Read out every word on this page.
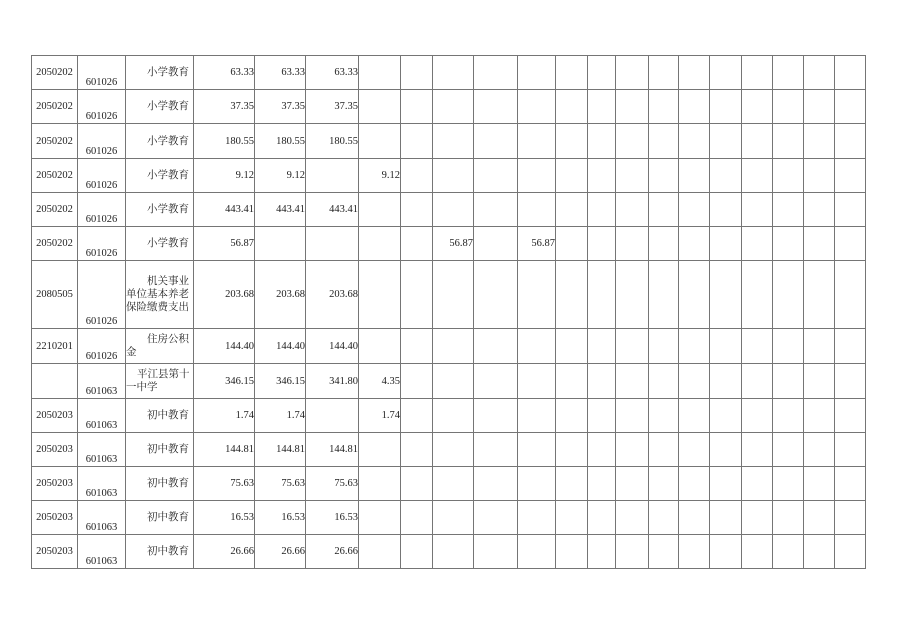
2050202	601026	小学教育	63.33	63.33	63.33															
2050202	601026	小学教育	37.35	37.35	37.35															
2050202	601026	小学教育	180.55	180.55	180.55															
2050202	601026	小学教育	9.12	9.12		9.12														
2050202	601026	小学教育	443.41	443.41	443.41															
2050202	601026	小学教育	56.87					56.87		56.87										
2080505	601026	机关事业单位基本养老保险缴费支出	203.68	203.68	203.68															
2210201	601026	住房公积金	144.40	144.40	144.40															
	601063	平江县第十一中学	346.15	346.15	341.80	4.35														
2050203	601063	初中教育	1.74	1.74		1.74														
2050203	601063	初中教育	144.81	144.81	144.81															
2050203	601063	初中教育	75.63	75.63	75.63															
2050203	601063	初中教育	16.53	16.53	16.53															
2050203	601063	初中教育	26.66	26.66	26.66															
